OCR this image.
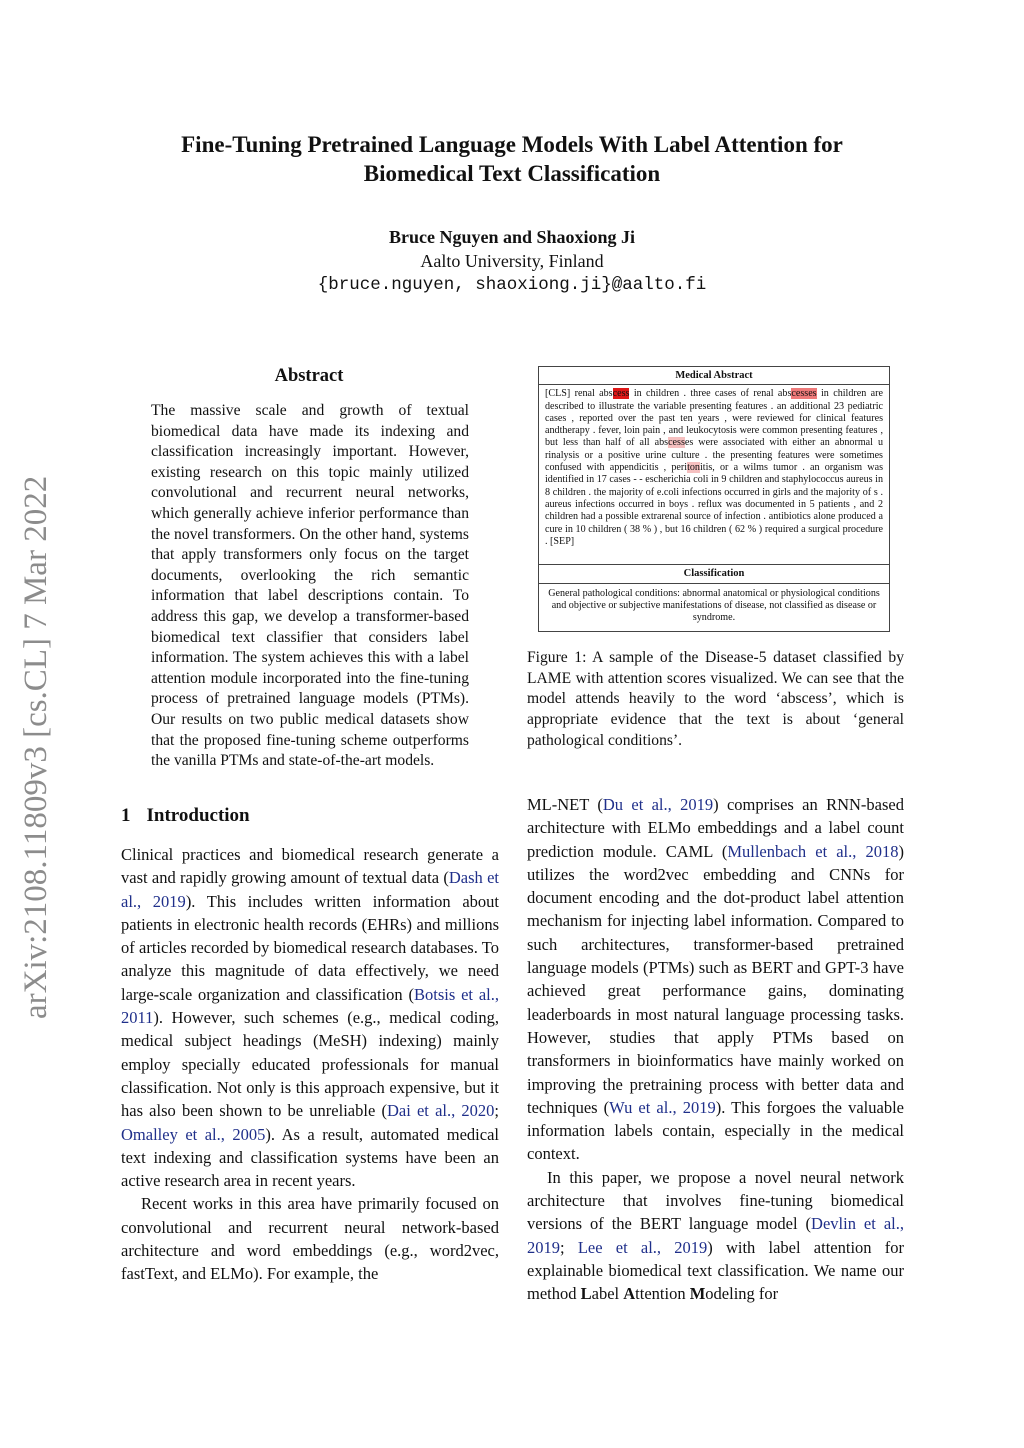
arXiv:2108.11809v3 [cs.CL] 7 Mar 2022
Fine-Tuning Pretrained Language Models With Label Attention for
Biomedical Text Classification
Bruce Nguyen and Shaoxiong Ji
Aalto University, Finland
{bruce.nguyen, shaoxiong.ji}@aalto.fi
Abstract

The massive scale and growth of textual biomedical data have made its indexing and classification increasingly important. However, existing research on this topic mainly utilized convolutional and recurrent neural networks, which generally achieve inferior performance than the novel transformers. On the other hand, systems that apply transformers only focus on the target documents, overlooking the rich semantic information that label descriptions contain. To address this gap, we develop a transformer-based biomedical text classifier that considers label information. The system achieves this with a label attention module incorporated into the fine-tuning process of pretrained language models (PTMs). Our results on two public medical datasets show that the proposed fine-tuning scheme outperforms the vanilla PTMs and state-of-the-art models.

Medical Abstract
[CLS] renal abscess in children . three cases of renal abscesses in children are described to illustrate the variable presenting features . an additional 23 pediatric cases , reported over the past ten years , were reviewed for clinical features andtherapy . fever, loin pain , and leukocytosis were common presenting features , but less than half of all abscesses were associated with either an abnormal u rinalysis or a positive urine culture . the presenting features were sometimes confused with appendicitis , peritonitis, or a wilms tumor . an organism was identified in 17 cases - - escherichia coli in 9 children and staphylococcus aureus in 8 children . the majority of e.coli infections occurred in girls and the majority of s . aureus infections occurred in boys . reflux was documented in 5 patients , and 2 children had a possible extrarenal source of infection . antibiotics alone produced a cure in 10 children ( 38 % ) , but 16 children ( 62 % ) required a surgical procedure . [SEP]
Classification
General pathological conditions: abnormal anatomical or physiological conditions and objective or subjective manifestations of disease, not classified as disease or syndrome.

Figure 1: A sample of the Disease-5 dataset classified by LAME with attention scores visualized. We can see that the model attends heavily to the word ‘abscess’, which is appropriate evidence that the text is about ‘general pathological conditions’.

1 Introduction

Clinical practices and biomedical research generate a vast and rapidly growing amount of textual data (Dash et al., 2019). This includes written information about patients in electronic health records (EHRs) and millions of articles recorded by biomedical research databases. To analyze this magnitude of data effectively, we need large-scale organization and classification (Botsis et al., 2011). However, such schemes (e.g., medical coding, medical subject headings (MeSH) indexing) mainly employ specially educated professionals for manual classification. Not only is this approach expensive, but it has also been shown to be unreliable (Dai et al., 2020; Omalley et al., 2005). As a result, automated medical text indexing and classification systems have been an active research area in recent years.

Recent works in this area have primarily focused on convolutional and recurrent neural network-based architecture and word embeddings (e.g., word2vec, fastText, and ELMo). For example, the

ML-NET (Du et al., 2019) comprises an RNN-based architecture with ELMo embeddings and a label count prediction module. CAML (Mullenbach et al., 2018) utilizes the word2vec embedding and CNNs for document encoding and the dot-product label attention mechanism for injecting label information. Compared to such architectures, transformer-based pretrained language models (PTMs) such as BERT and GPT-3 have achieved great performance gains, dominating leaderboards in most natural language processing tasks. However, studies that apply PTMs based on transformers in bioinformatics have mainly worked on improving the pretraining process with better data and techniques (Wu et al., 2019). This forgoes the valuable information labels contain, especially in the medical context.

In this paper, we propose a novel neural network architecture that involves fine-tuning biomedical versions of the BERT language model (Devlin et al., 2019; Lee et al., 2019) with label attention for explainable biomedical text classification. We name our method Label Attention Modeling for
